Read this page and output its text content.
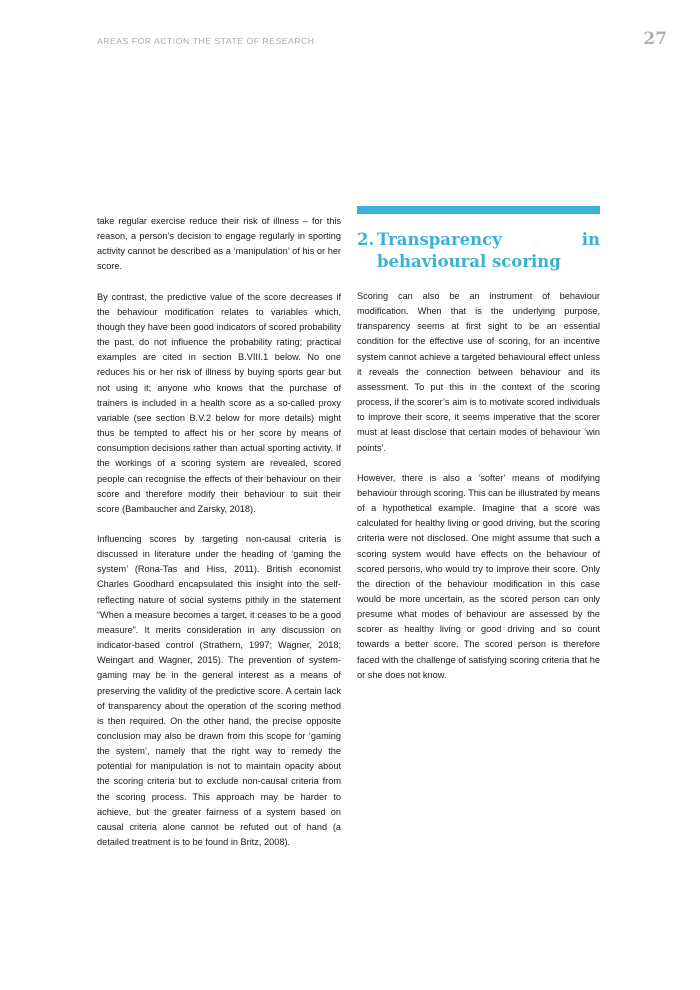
AREAS FOR ACTION:THE STATE OF RESEARCH	27

take regular exercise reduce their risk of illness – for this reason, a person’s decision to engage regularly in sporting activity cannot be described as a ‘manipulation’ of his or her score.

By contrast, the predictive value of the score decreases if the behaviour modification relates to variables which, though they have been good indicators of scored probability the past, do not influence the probability rating; practical examples are cited in section B.VIII.1 below. No one reduces his or her risk of illness by buying sports gear but not using it; anyone who knows that the purchase of trainers is included in a health score as a so-called proxy variable (see section B.V.2 below for more details) might thus be tempted to affect his or her score by means of consumption decisions rather than actual sporting activity. If the workings of a scoring system are revealed, scored people can recognise the effects of their behaviour on their score and therefore modify their behaviour to suit their score (Bambaucher and Zarsky, 2018).

Influencing scores by targeting non-causal criteria is discussed in literature under the heading of ‘gaming the system’ (Rona-Tas and Hiss, 2011). British economist Charles Goodhard encapsulated this insight into the self-reflecting nature of social systems pithily in the statement “When a measure becomes a target, it ceases to be a good measure”. It merits consideration in any discussion on indicator-based control (Strathern, 1997; Wagner, 2018; Weingart and Wagner, 2015). The prevention of system-gaming may be in the general interest as a means of preserving the validity of the predictive score. A certain lack of transparency about the operation of the scoring method is then required. On the other hand, the precise opposite conclusion may also be drawn from this scope for ‘gaming the system’, namely that the right way to remedy the potential for manipulation is not to maintain opacity about the scoring criteria but to exclude non-causal criteria from the scoring process. This approach may be harder to achieve, but the greater fairness of a system based on causal criteria alone cannot be refuted out of hand (a detailed treatment is to be found in Britz, 2008).

2. Transparency in behavioural scoring

Scoring can also be an instrument of behaviour modification. When that is the underlying purpose, transparency seems at first sight to be an essential condition for the effective use of scoring, for an incentive system cannot achieve a targeted behavioural effect unless it reveals the connection between behaviour and its assessment. To put this in the context of the scoring process, if the scorer’s aim is to motivate scored individuals to improve their score, it seems imperative that the scorer must at least disclose that certain modes of behaviour ‘win points’.

However, there is also a ‘softer’ means of modifying behaviour through scoring. This can be illustrated by means of a hypothetical example. Imagine that a score was calculated for healthy living or good driving, but the scoring criteria were not disclosed. One might assume that such a scoring system would have effects on the behaviour of scored persons, who would try to improve their score. Only the direction of the behaviour modification in this case would be more uncertain, as the scored person can only presume what modes of behaviour are assessed by the scorer as healthy living or good driving and so count towards a better score. The scored person is therefore faced with the challenge of satisfying scoring criteria that he or she does not know.
